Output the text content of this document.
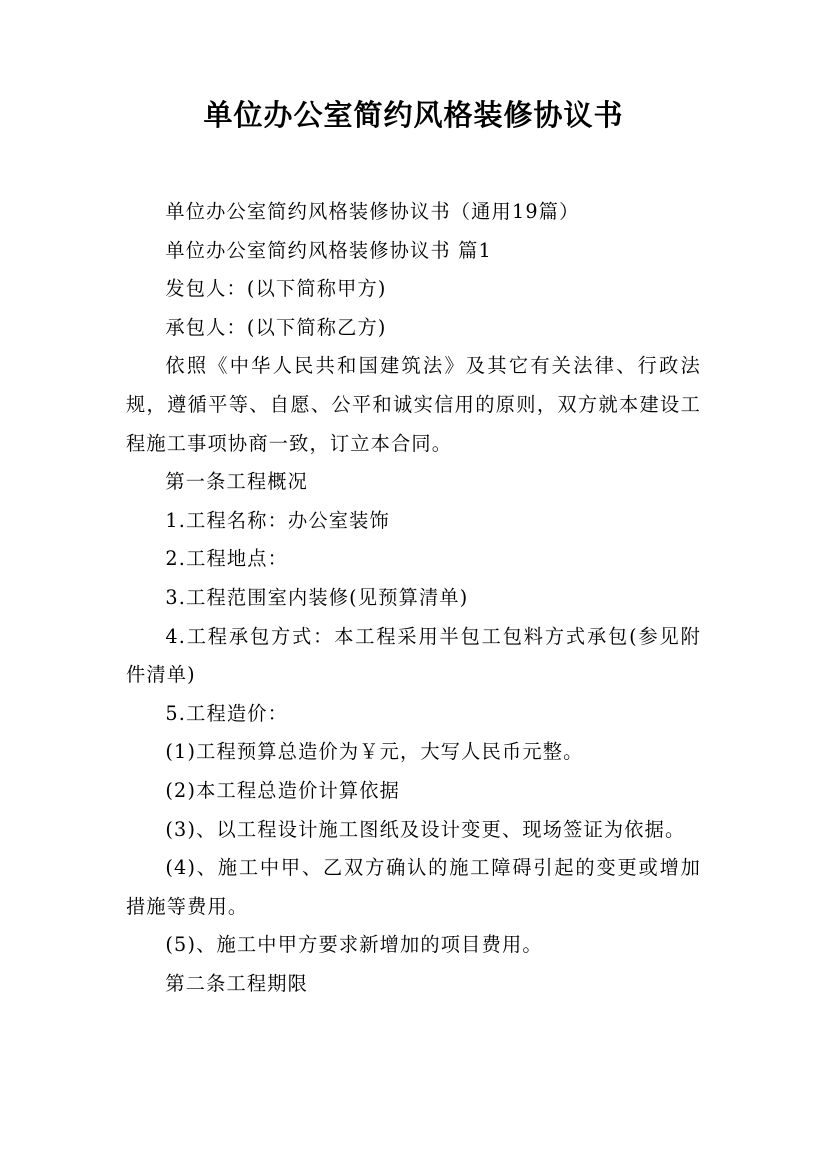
单位办公室简约风格装修协议书

单位办公室简约风格装修协议书（通用19篇）

单位办公室简约风格装修协议书 篇1

发包人：(以下简称甲方)

承包人：(以下简称乙方)

依照《中华人民共和国建筑法》及其它有关法律、行政法规，遵循平等、自愿、公平和诚实信用的原则，双方就本建设工程施工事项协商一致，订立本合同。

第一条工程概况

1.工程名称：办公室装饰

2.工程地点：

3.工程范围室内装修(见预算清单)

4.工程承包方式：本工程采用半包工包料方式承包(参见附件清单)

5.工程造价：

(1)工程预算总造价为￥元，大写人民币元整。

(2)本工程总造价计算依据

(3)、以工程设计施工图纸及设计变更、现场签证为依据。

(4)、施工中甲、乙双方确认的施工障碍引起的变更或增加措施等费用。

(5)、施工中甲方要求新增加的项目费用。

第二条工程期限
